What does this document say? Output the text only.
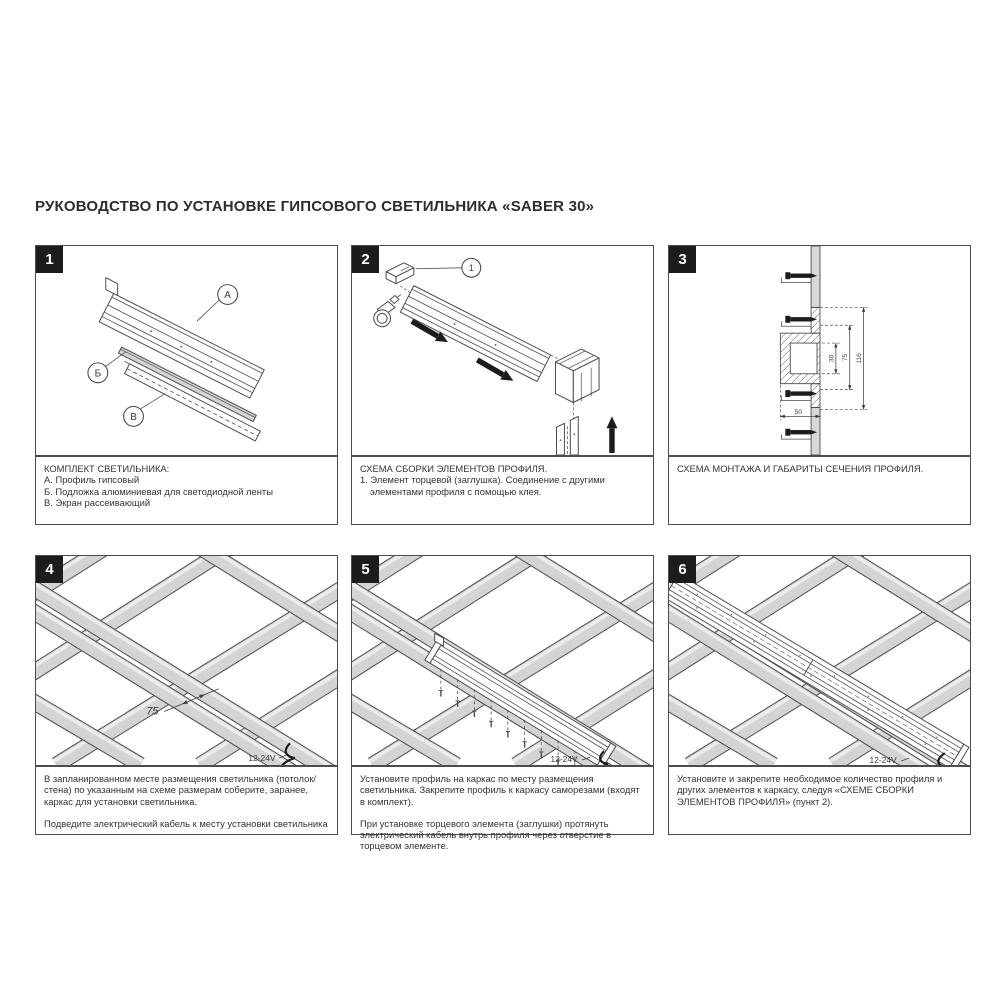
РУКОВОДСТВО ПО УСТАНОВКЕ ГИПСОВОГО СВЕТИЛЬНИКА «SABER 30»
1
А
Б
В
КОМПЛЕКТ СВЕТИЛЬНИКА:
А. Профиль гипсовый
Б. Подложка алюминиевая для светодиодной ленты
В. Экран рассеивающий
2	1
СХЕМА СБОРКИ ЭЛЕМЕНТОВ ПРОФИЛЯ.
1. Элемент торцевой (заглушка). Соединение с другими элементами профиля с помощью клея.
3
30 75 116
50
СХЕМА МОНТАЖА И ГАБАРИТЫ СЕЧЕНИЯ ПРОФИЛЯ.
4
75
12-24V
В запланированном месте размещения светильника (потолок/стена) по указанным на схеме размерам соберите, заранее, каркас для установки светильника.
Подведите электрический кабель к месту установки светильника
5
12-24V
Установите профиль на каркас по месту размещения светильника. Закрепите профиль к каркасу саморезами (входят в комплект).
При установке торцевого элемента (заглушки) протянуть электрический кабель внутрь профиля через отверстие в торцевом элементе.
6
12-24V
Установите и закрепите необходимое количество профиля и других элементов к каркасу, следуя «СХЕМЕ СБОРКИ ЭЛЕМЕНТОВ ПРОФИЛЯ» (пункт 2).
